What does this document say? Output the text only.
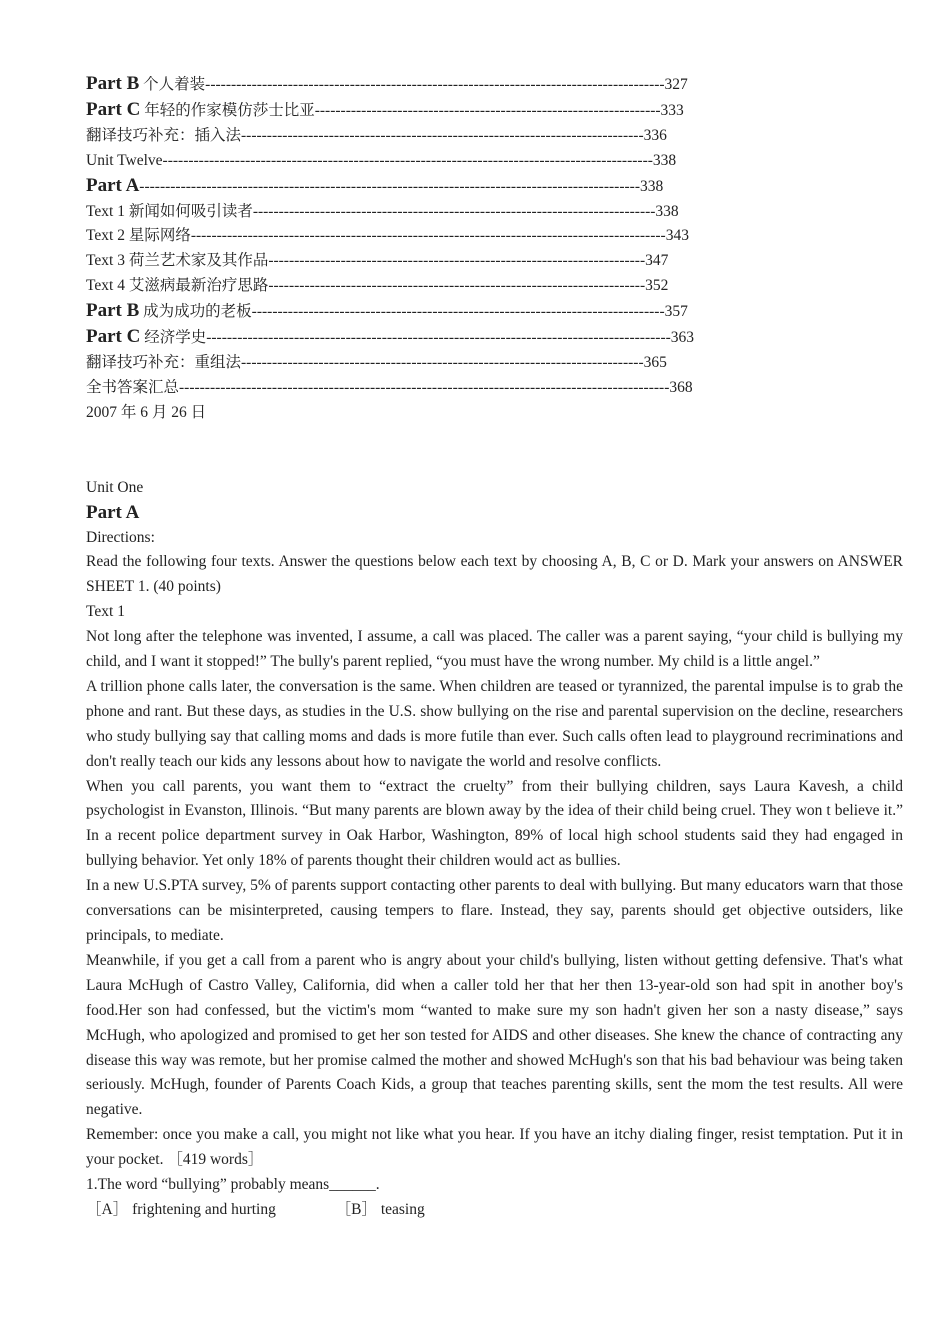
Part B 个人着装-----------------------------------------------------------------------------------------327
Part C 年轻的作家模仿莎士比亚-------------------------------------------------------------------333
翻译技巧补充：插入法------------------------------------------------------------------------------336
Unit Twelve-----------------------------------------------------------------------------------------------338
Part A-------------------------------------------------------------------------------------------------338
Text 1 新闻如何吸引读者------------------------------------------------------------------------------338
Text 2 星际网络--------------------------------------------------------------------------------------------343
Text 3 荷兰艺术家及其作品-------------------------------------------------------------------------347
Text 4 艾滋病最新治疗思路-------------------------------------------------------------------------352
Part B 成为成功的老板--------------------------------------------------------------------------------357
Part C 经济学史------------------------------------------------------------------------------------------363
翻译技巧补充：重组法------------------------------------------------------------------------------365
全书答案汇总-----------------------------------------------------------------------------------------------368
2007 年 6 月 26 日
Unit One
Part A
Directions:

Read the following four texts. Answer the questions below each text by choosing A, B, C or D. Mark your answers on ANSWER SHEET 1. (40 points)

Text 1

Not long after the telephone was invented, I assume, a call was placed. The caller was a parent saying, “your child is bullying my child, and I want it stopped!” The bully's parent replied, “you must have the wrong number. My child is a little angel.”

A trillion phone calls later, the conversation is the same. When children are teased or tyrannized, the parental impulse is to grab the phone and rant. But these days, as studies in the U.S. show bullying on the rise and parental supervision on the decline, researchers who study bullying say that calling moms and dads is more futile than ever. Such calls often lead to playground recriminations and don't really teach our kids any lessons about how to navigate the world and resolve conflicts.

When you call parents, you want them to “extract the cruelty” from their bullying children, says Laura Kavesh, a child psychologist in Evanston, Illinois. “But many parents are blown away by the idea of their child being cruel. They won t believe it.” In a recent police department survey in Oak Harbor, Washington, 89% of local high school students said they had engaged in bullying behavior. Yet only 18% of parents thought their children would act as bullies.

In a new U.S.PTA survey, 5% of parents support contacting other parents to deal with bullying. But many educators warn that those conversations can be misinterpreted, causing tempers to flare. Instead, they say, parents should get objective outsiders, like principals, to mediate.

Meanwhile, if you get a call from a parent who is angry about your child's bullying, listen without getting defensive. That's what Laura McHugh of Castro Valley, California, did when a caller told her that her then 13-year-old son had spit in another boy's food.Her son had confessed, but the victim's mom “wanted to make sure my son hadn't given her son a nasty disease,” says McHugh, who apologized and promised to get her son tested for AIDS and other diseases. She knew the chance of contracting any disease this way was remote, but her promise calmed the mother and showed McHugh's son that his bad behaviour was being taken seriously. McHugh, founder of Parents Coach Kids, a group that teaches parenting skills, sent the mom the test results. All were negative.

Remember: once you make a call, you might not like what you hear. If you have an itchy dialing finger, resist temptation. Put it in your pocket. ［419 words］

1.The word “bullying” probably means______.

［A］ frightening and hurting	［B］ teasing
